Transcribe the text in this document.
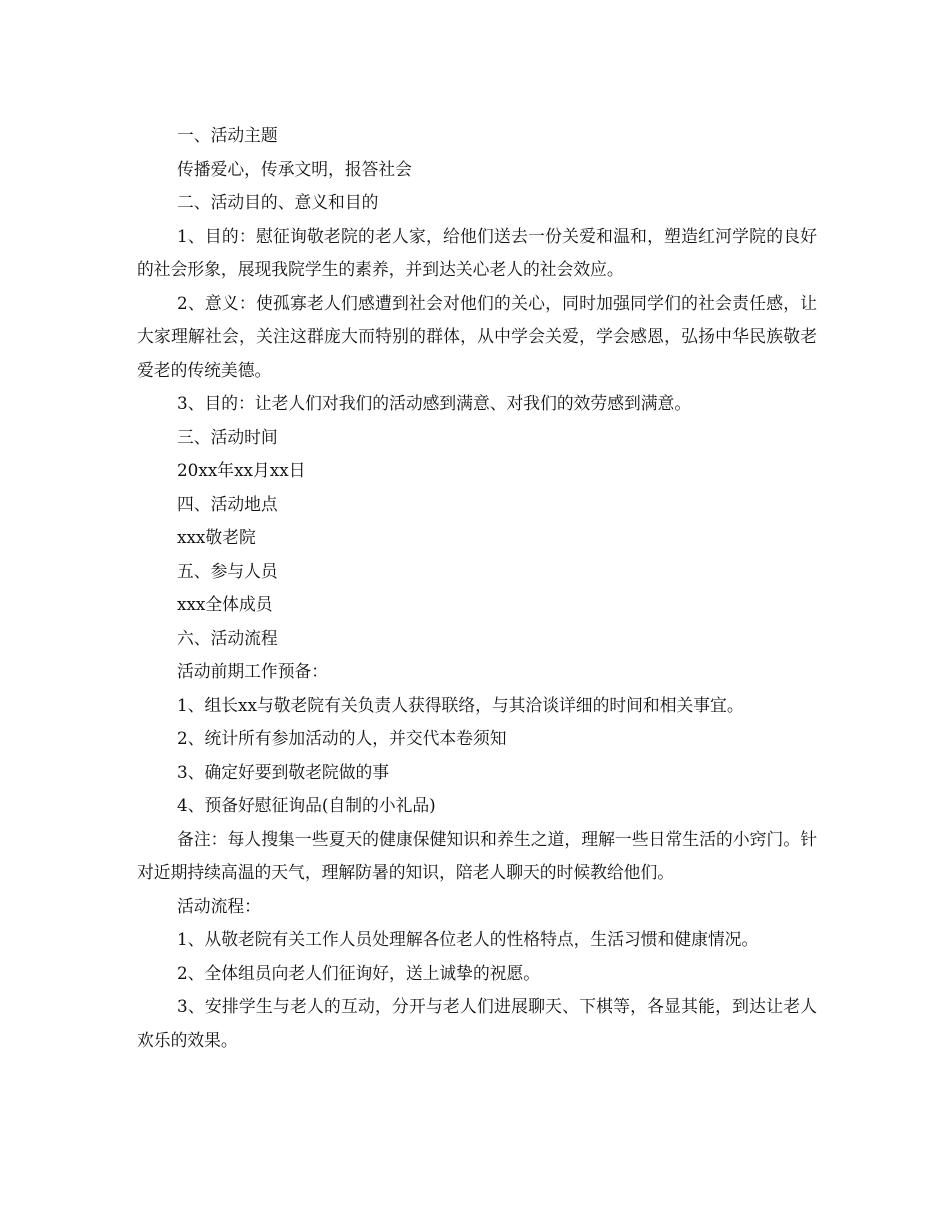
一、活动主题

传播爱心，传承文明，报答社会

二、活动目的、意义和目的

1、目的：慰征询敬老院的老人家，给他们送去一份关爱和温和，塑造红河学院的良好的社会形象，展现我院学生的素养，并到达关心老人的社会效应。

2、意义：使孤寡老人们感遭到社会对他们的关心，同时加强同学们的社会责任感，让大家理解社会，关注这群庞大而特别的群体，从中学会关爱，学会感恩，弘扬中华民族敬老爱老的传统美德。

3、目的：让老人们对我们的活动感到满意、对我们的效劳感到满意。

三、活动时间

20xx年xx月xx日

四、活动地点

xxx敬老院

五、参与人员

xxx全体成员

六、活动流程

活动前期工作预备：

1、组长xx与敬老院有关负责人获得联络，与其洽谈详细的时间和相关事宜。

2、统计所有参加活动的人，并交代本卷须知

3、确定好要到敬老院做的事

4、预备好慰征询品(自制的小礼品)

备注：每人搜集一些夏天的健康保健知识和养生之道，理解一些日常生活的小窍门。针对近期持续高温的天气，理解防暑的知识，陪老人聊天的时候教给他们。

活动流程：

1、从敬老院有关工作人员处理解各位老人的性格特点，生活习惯和健康情况。

2、全体组员向老人们征询好，送上诚挚的祝愿。

3、安排学生与老人的互动，分开与老人们进展聊天、下棋等，各显其能，到达让老人欢乐的效果。
